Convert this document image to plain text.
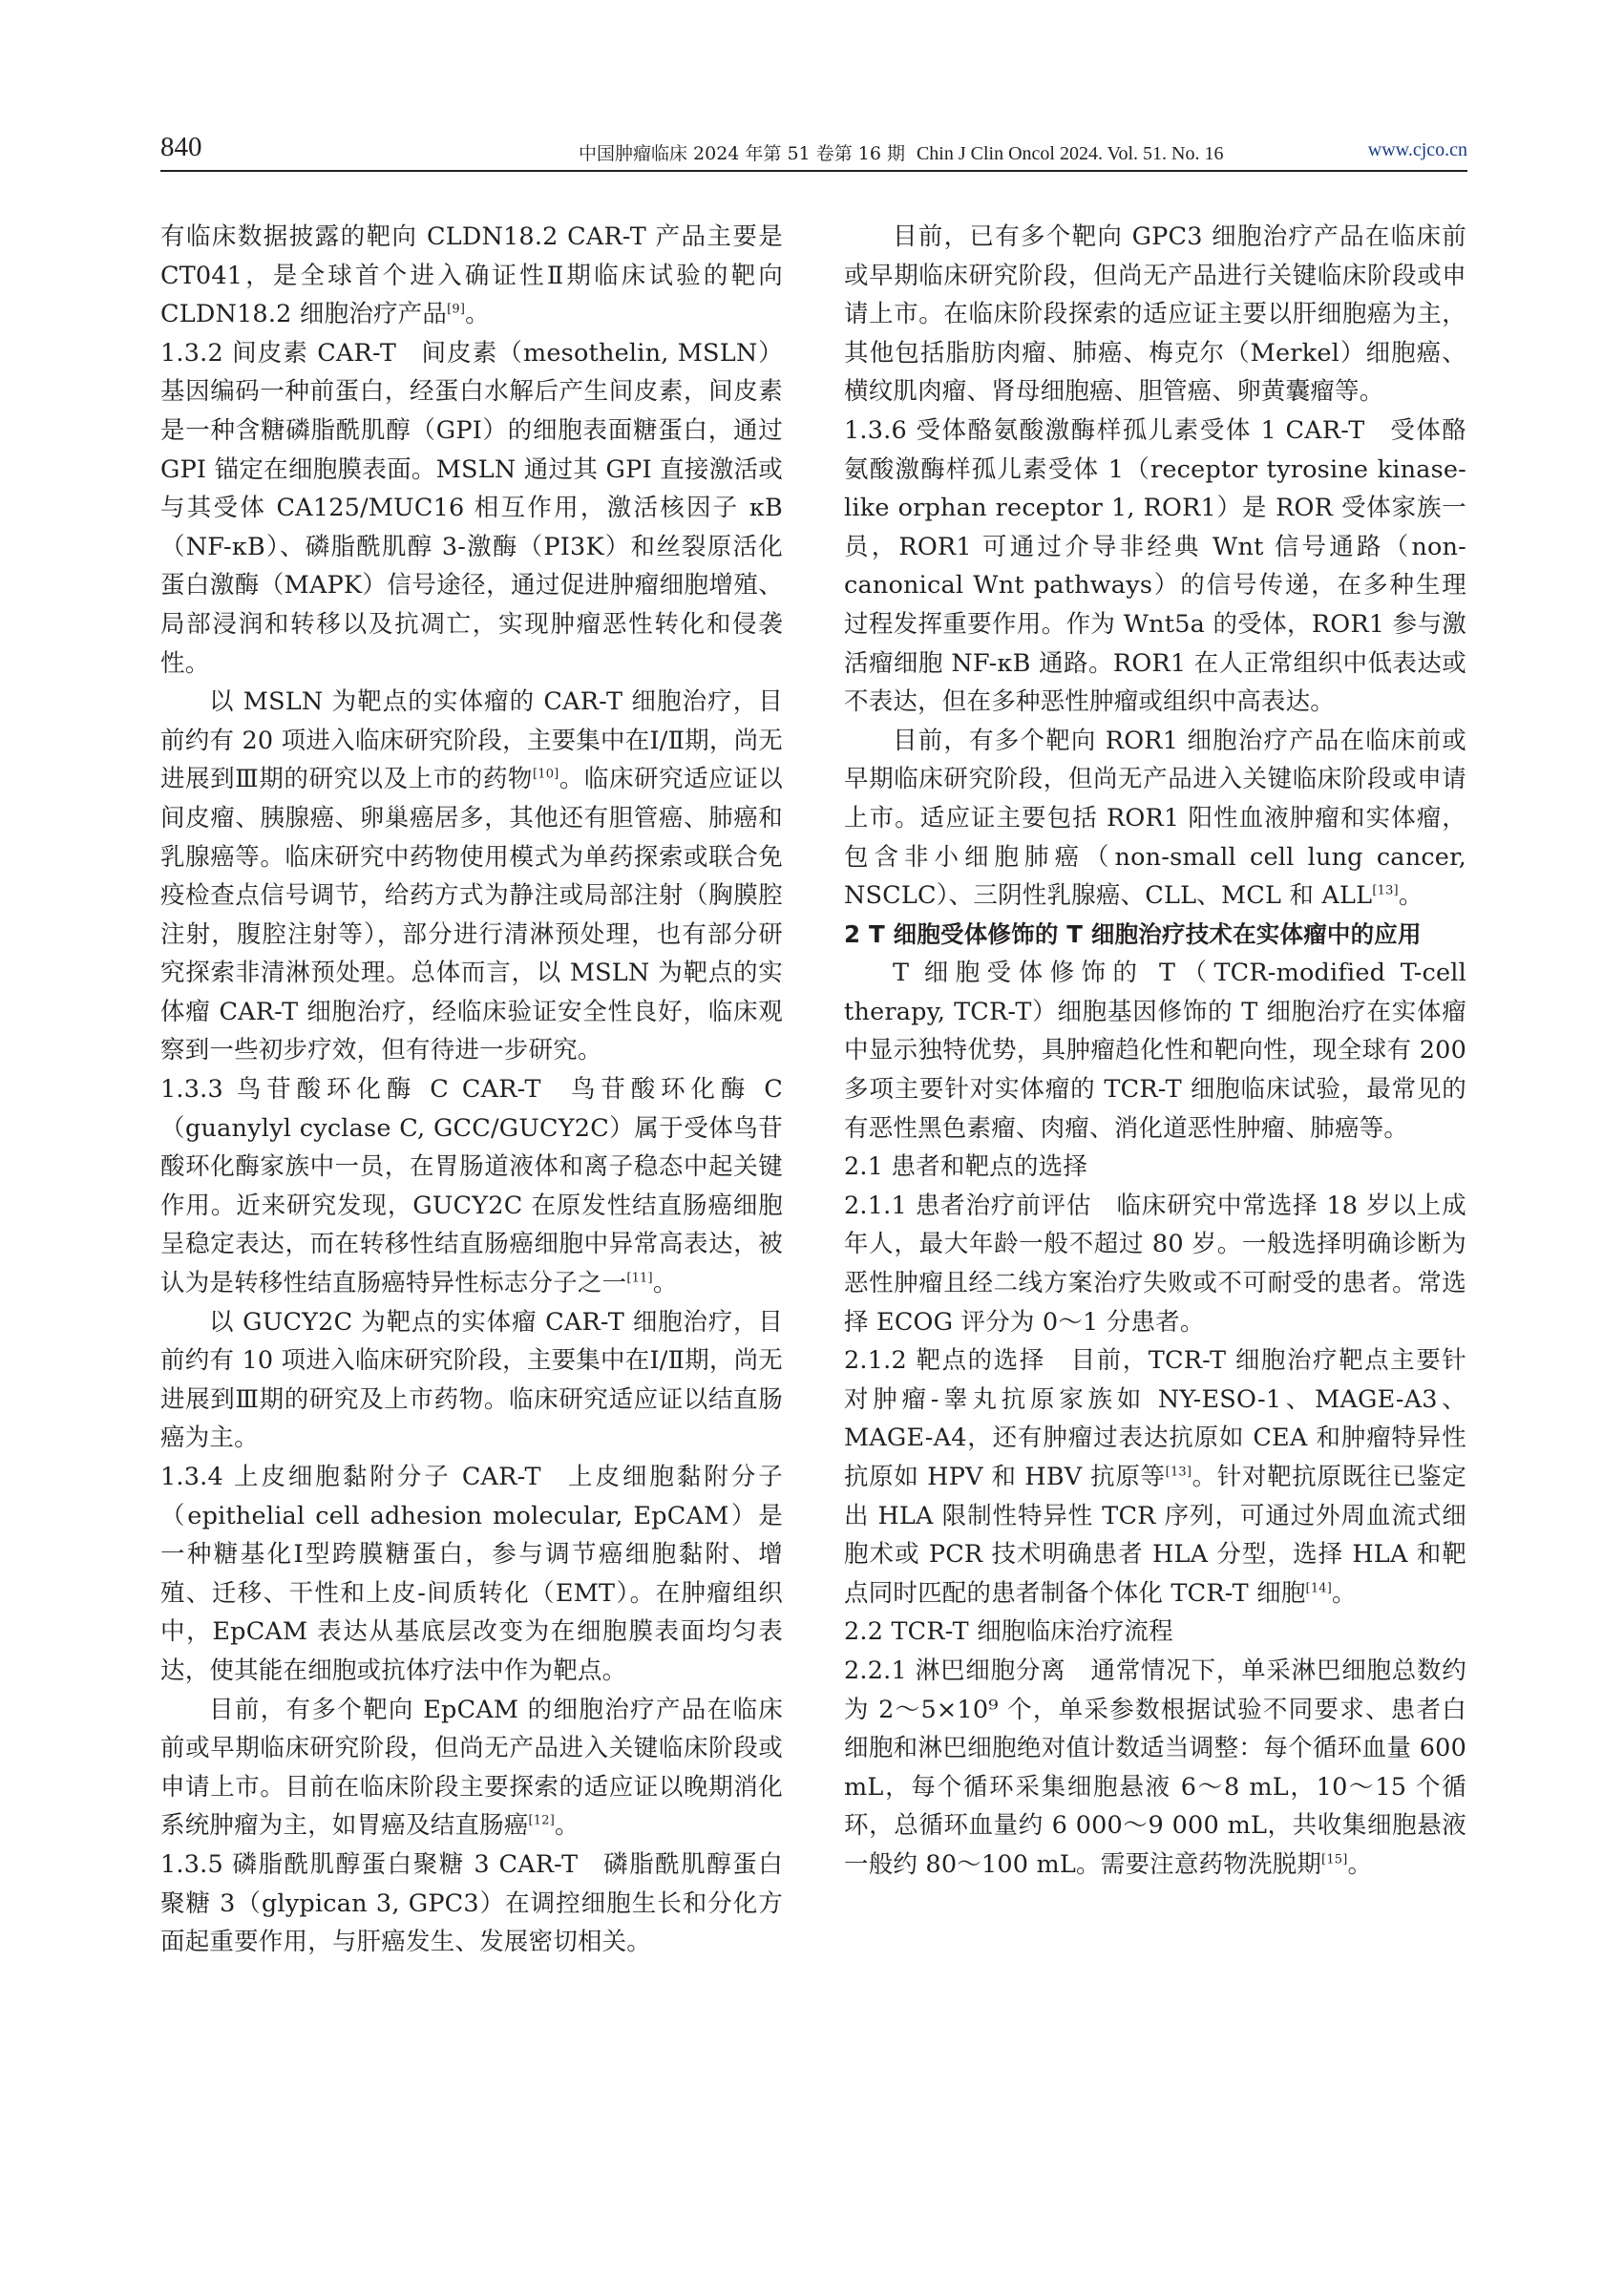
840	中国肿瘤临床 2024 年第 51 卷第 16 期 Chin J Clin Oncol 2024. Vol. 51. No. 16	www.cjco.cn

有临床数据披露的靶向 CLDN18.2 CAR-T 产品主要是 CT041，是全球首个进入确证性Ⅱ期临床试验的靶向 CLDN18.2 细胞治疗产品[9]。

1.3.2 间皮素 CAR-T 间皮素（mesothelin, MSLN）基因编码一种前蛋白，经蛋白水解后产生间皮素，间皮素是一种含糖磷脂酰肌醇（GPI）的细胞表面糖蛋白，通过 GPI 锚定在细胞膜表面。MSLN 通过其 GPI 直接激活或与其受体 CA125/MUC16 相互作用，激活核因子 κB（NF-κB）、磷脂酰肌醇 3-激酶（PI3K）和丝裂原活化蛋白激酶（MAPK）信号途径，通过促进肿瘤细胞增殖、局部浸润和转移以及抗凋亡，实现肿瘤恶性转化和侵袭性。

以 MSLN 为靶点的实体瘤的 CAR-T 细胞治疗，目前约有 20 项进入临床研究阶段，主要集中在Ⅰ/Ⅱ期，尚无进展到Ⅲ期的研究以及上市的药物[10]。临床研究适应证以间皮瘤、胰腺癌、卵巢癌居多，其他还有胆管癌、肺癌和乳腺癌等。临床研究中药物使用模式为单药探索或联合免疫检查点信号调节，给药方式为静注或局部注射（胸膜腔注射，腹腔注射等），部分进行清淋预处理，也有部分研究探索非清淋预处理。总体而言，以 MSLN 为靶点的实体瘤 CAR-T 细胞治疗，经临床验证安全性良好，临床观察到一些初步疗效，但有待进一步研究。

1.3.3 鸟苷酸环化酶 C CAR-T 鸟苷酸环化酶 C（guanylyl cyclase C, GCC/GUCY2C）属于受体鸟苷酸环化酶家族中一员，在胃肠道液体和离子稳态中起关键作用。近来研究发现，GUCY2C 在原发性结直肠癌细胞呈稳定表达，而在转移性结直肠癌细胞中异常高表达，被认为是转移性结直肠癌特异性标志分子之一[11]。

以 GUCY2C 为靶点的实体瘤 CAR-T 细胞治疗，目前约有 10 项进入临床研究阶段，主要集中在Ⅰ/Ⅱ期，尚无进展到Ⅲ期的研究及上市药物。临床研究适应证以结直肠癌为主。

1.3.4 上皮细胞黏附分子 CAR-T 上皮细胞黏附分子（epithelial cell adhesion molecular, EpCAM）是一种糖基化Ⅰ型跨膜糖蛋白，参与调节癌细胞黏附、增殖、迁移、干性和上皮-间质转化（EMT）。在肿瘤组织中，EpCAM 表达从基底层改变为在细胞膜表面均匀表达，使其能在细胞或抗体疗法中作为靶点。

目前，有多个靶向 EpCAM 的细胞治疗产品在临床前或早期临床研究阶段，但尚无产品进入关键临床阶段或申请上市。目前在临床阶段主要探索的适应证以晚期消化系统肿瘤为主，如胃癌及结直肠癌[12]。

1.3.5 磷脂酰肌醇蛋白聚糖 3 CAR-T 磷脂酰肌醇蛋白聚糖 3（glypican 3, GPC3）在调控细胞生长和分化方面起重要作用，与肝癌发生、发展密切相关。

目前，已有多个靶向 GPC3 细胞治疗产品在临床前或早期临床研究阶段，但尚无产品进行关键临床阶段或申请上市。在临床阶段探索的适应证主要以肝细胞癌为主，其他包括脂肪肉瘤、肺癌、梅克尔（Merkel）细胞癌、横纹肌肉瘤、肾母细胞癌、胆管癌、卵黄囊瘤等。

1.3.6 受体酪氨酸激酶样孤儿素受体 1 CAR-T 受体酪氨酸激酶样孤儿素受体 1（receptor tyrosine kinase-like orphan receptor 1, ROR1）是 ROR 受体家族一员，ROR1 可通过介导非经典 Wnt 信号通路（non-canonical Wnt pathways）的信号传递，在多种生理过程发挥重要作用。作为 Wnt5a 的受体，ROR1 参与激活瘤细胞 NF-κB 通路。ROR1 在人正常组织中低表达或不表达，但在多种恶性肿瘤或组织中高表达。

目前，有多个靶向 ROR1 细胞治疗产品在临床前或早期临床研究阶段，但尚无产品进入关键临床阶段或申请上市。适应证主要包括 ROR1 阳性血液肿瘤和实体瘤，包含非小细胞肺癌（non-small cell lung cancer, NSCLC）、三阴性乳腺癌、CLL、MCL 和 ALL[13]。

2 T 细胞受体修饰的 T 细胞治疗技术在实体瘤中的应用

T 细胞受体修饰的 T（TCR-modified T-cell therapy, TCR-T）细胞基因修饰的 T 细胞治疗在实体瘤中显示独特优势，具肿瘤趋化性和靶向性，现全球有 200 多项主要针对实体瘤的 TCR-T 细胞临床试验，最常见的有恶性黑色素瘤、肉瘤、消化道恶性肿瘤、肺癌等。

2.1 患者和靶点的选择

2.1.1 患者治疗前评估 临床研究中常选择 18 岁以上成年人，最大年龄一般不超过 80 岁。一般选择明确诊断为恶性肿瘤且经二线方案治疗失败或不可耐受的患者。常选择 ECOG 评分为 0～1 分患者。

2.1.2 靶点的选择 目前，TCR-T 细胞治疗靶点主要针对肿瘤-睾丸抗原家族如 NY-ESO-1、MAGE-A3、MAGE-A4，还有肿瘤过表达抗原如 CEA 和肿瘤特异性抗原如 HPV 和 HBV 抗原等[13]。针对靶抗原既往已鉴定出 HLA 限制性特异性 TCR 序列，可通过外周血流式细胞术或 PCR 技术明确患者 HLA 分型，选择 HLA 和靶点同时匹配的患者制备个体化 TCR-T 细胞[14]。

2.2 TCR-T 细胞临床治疗流程

2.2.1 淋巴细胞分离 通常情况下，单采淋巴细胞总数约为 2～5×10⁹ 个，单采参数根据试验不同要求、患者白细胞和淋巴细胞绝对值计数适当调整：每个循环血量 600 mL，每个循环采集细胞悬液 6～8 mL，10～15 个循环，总循环血量约 6 000～9 000 mL，共收集细胞悬液一般约 80～100 mL。需要注意药物洗脱期[15]。
